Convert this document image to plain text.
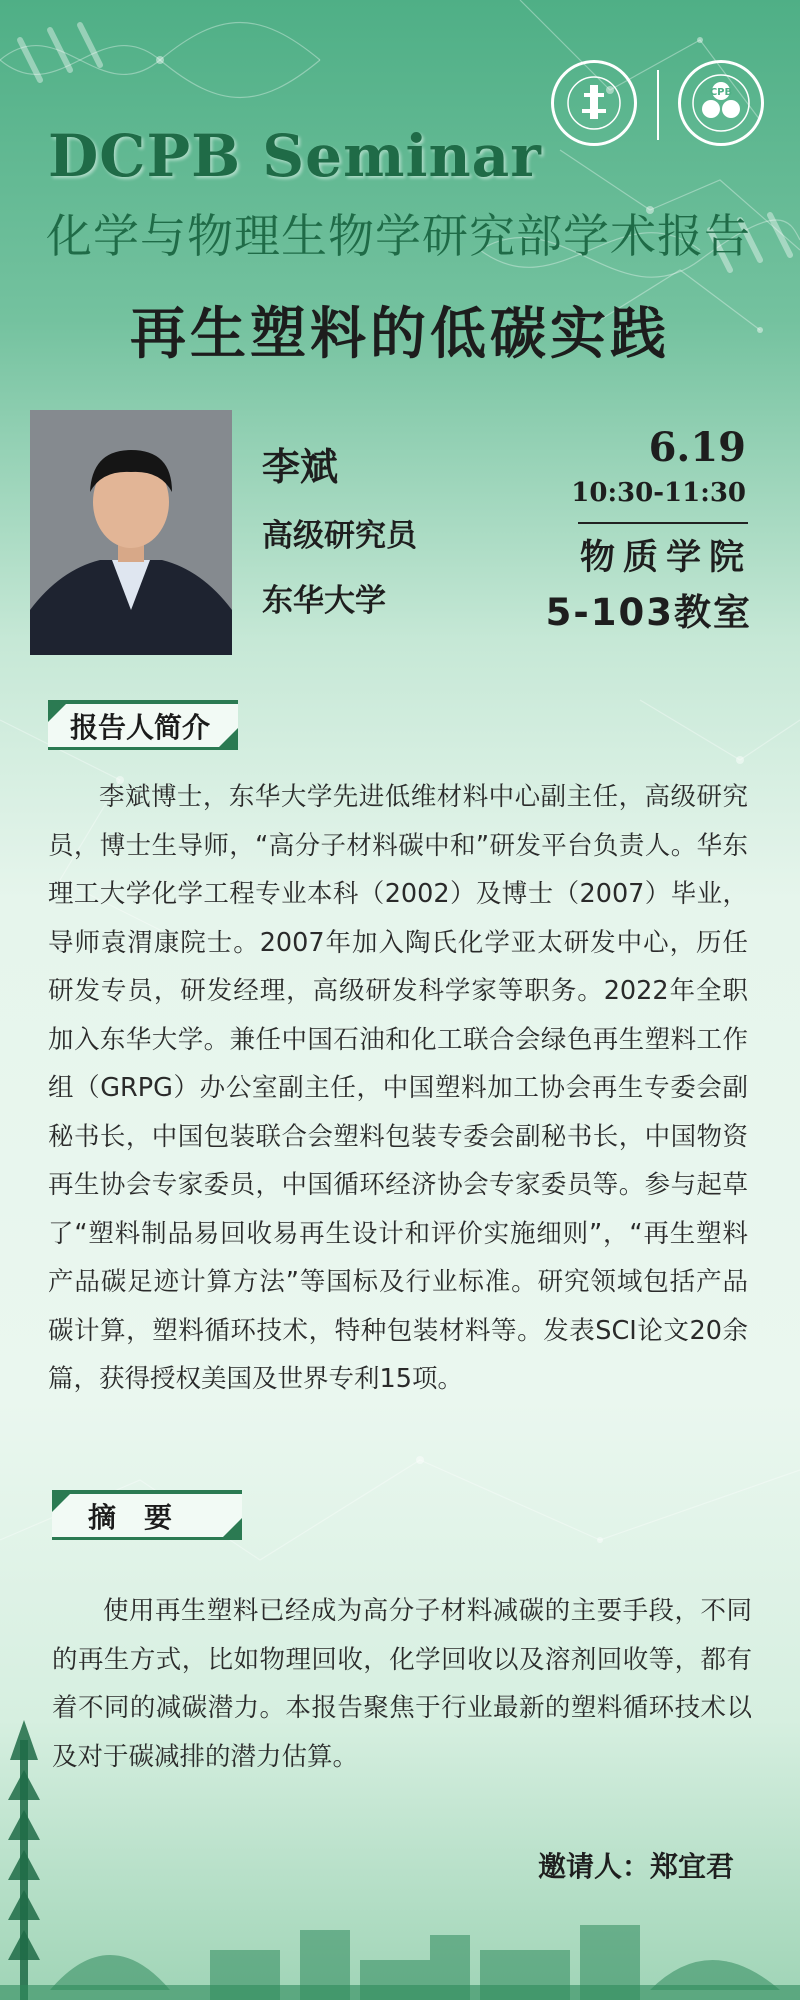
CPB
DCPB Seminar
化学与物理生物学研究部学术报告
再生塑料的低碳实践
李斌
高级研究员
东华大学
6.19
10:30-11:30
物质学院
5-103教室
报告人简介
李斌博士，东华大学先进低维材料中心副主任，高级研究员，博士生导师，“高分子材料碳中和”研发平台负责人。华东理工大学化学工程专业本科（2002）及博士（2007）毕业，导师袁渭康院士。2007年加入陶氏化学亚太研发中心，历任研发专员，研发经理，高级研发科学家等职务。2022年全职加入东华大学。兼任中国石油和化工联合会绿色再生塑料工作组（GRPG）办公室副主任，中国塑料加工协会再生专委会副秘书长，中国包装联合会塑料包装专委会副秘书长，中国物资再生协会专家委员，中国循环经济协会专家委员等。参与起草了“塑料制品易回收易再生设计和评价实施细则”，“再生塑料产品碳足迹计算方法”等国标及行业标准。研究领域包括产品碳计算，塑料循环技术，特种包装材料等。发表SCI论文20余篇，获得授权美国及世界专利15项。
摘　要
使用再生塑料已经成为高分子材料减碳的主要手段，不同的再生方式，比如物理回收，化学回收以及溶剂回收等，都有着不同的减碳潜力。本报告聚焦于行业最新的塑料循环技术以及对于碳减排的潜力估算。
邀请人：郑宜君
